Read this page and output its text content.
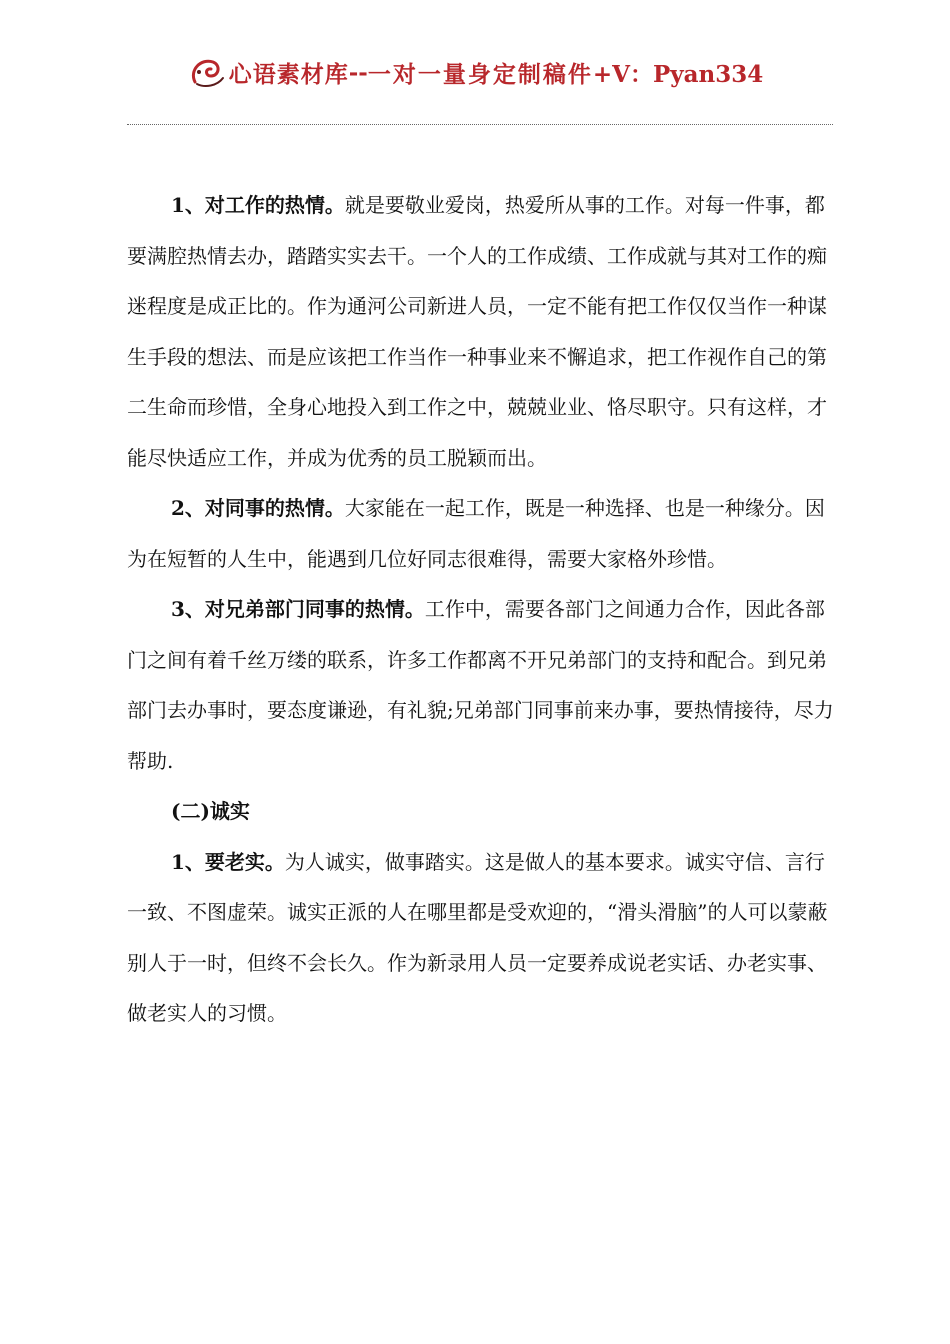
心语素材库 -- 一对一量身定制稿件 +V：Pyan334

1、对工作的热情。就是要敬业爱岗，热爱所从事的工作。对每一件事，都要满腔热情去办，踏踏实实去干。一个人的工作成绩、工作成就与其对工作的痴迷程度是成正比的。作为通河公司新进人员，一定不能有把工作仅仅当作一种谋生手段的想法、而是应该把工作当作一种事业来不懈追求，把工作视作自己的第二生命而珍惜，全身心地投入到工作之中，兢兢业业、恪尽职守。只有这样，才能尽快适应工作，并成为优秀的员工脱颖而出。

2、对同事的热情。大家能在一起工作，既是一种选择、也是一种缘分。因为在短暂的人生中，能遇到几位好同志很难得，需要大家格外珍惜。

3、对兄弟部门同事的热情。工作中，需要各部门之间通力合作，因此各部门之间有着千丝万缕的联系，许多工作都离不开兄弟部门的支持和配合。到兄弟部门去办事时，要态度谦逊，有礼貌;兄弟部门同事前来办事，要热情接待，尽力帮助.

(二)诚实

1、要老实。为人诚实，做事踏实。这是做人的基本要求。诚实守信、言行一致、不图虚荣。诚实正派的人在哪里都是受欢迎的，“滑头滑脑”的人可以蒙蔽别人于一时，但终不会长久。作为新录用人员一定要养成说老实话、办老实事、做老实人的习惯。
